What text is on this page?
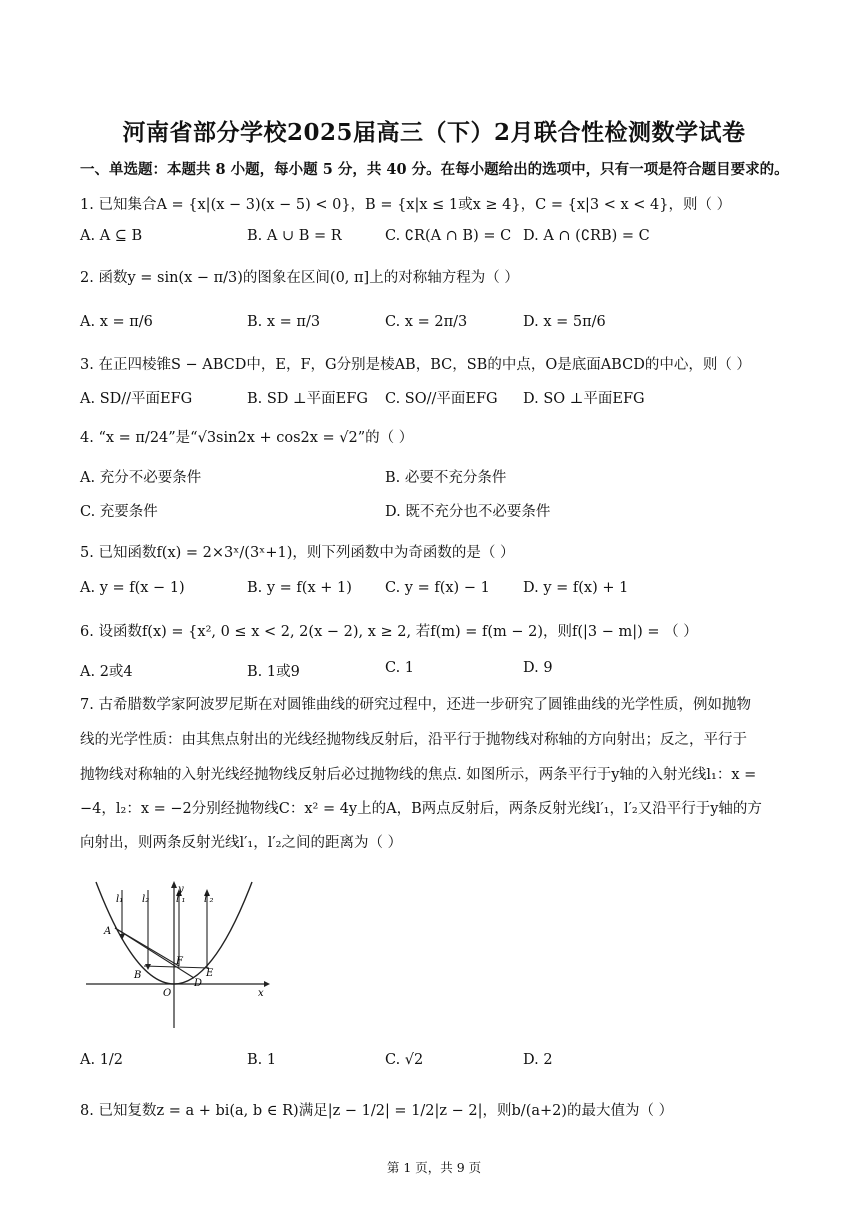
河南省部分学校2025届高三（下）2月联合性检测数学试卷
一、单选题：本题共 8 小题，每小题 5 分，共 40 分。在每小题给出的选项中，只有一项是符合题目要求的。
1. 已知集合A = {x|(x − 3)(x − 5) < 0}，B = {x|x ≤ 1或x ≥ 4}，C = {x|3 < x < 4}，则（ ）
A. A ⊆ B	B. A ∪ B = R	C. ∁R(A ∩ B) = C D. A ∩ (∁RB) = C
2. 函数y = sin(x − π/3)的图象在区间(0, π]上的对称轴方程为（ ）
A. x = π/6	B. x = π/3	C. x = 2π/3	D. x = 5π/6
3. 在正四棱锥S − ABCD中，E，F，G分别是棱AB，BC，SB的中点，O是底面ABCD的中心，则（ ）
A. SD//平面EFG	B. SD ⊥平面EFG C. SO//平面EFG D. SO ⊥平面EFG
4. “x = π/24”是“√3sin2x + cos2x = √2”的（ ）
A. 充分不必要条件	B. 必要不充分条件
C. 充要条件	D. 既不充分也不必要条件
5. 已知函数f(x) = 2×3ˣ/(3ˣ+1)，则下列函数中为奇函数的是（ ）
A. y = f(x − 1)	B. y = f(x + 1) C. y = f(x) − 1 D. y = f(x) + 1
6. 设函数f(x) = {x², 0 ≤ x < 2, 2(x − 2), x ≥ 2, 若f(m) = f(m − 2)，则f(|3 − m|) = （ ）
A. 2或4	B. 1或9	C. 1	D. 9
7. 古希腊数学家阿波罗尼斯在对圆锥曲线的研究过程中，还进一步研究了圆锥曲线的光学性质，例如抛物
线的光学性质：由其焦点射出的光线经抛物线反射后，沿平行于抛物线对称轴的方向射出；反之，平行于
抛物线对称轴的入射光线经抛物线反射后必过抛物线的焦点. 如图所示，两条平行于y轴的入射光线l₁：x =
−4，l₂：x = −2分别经抛物线C：x² = 4y上的A，B两点反射后，两条反射光线l′₁，l′₂又沿平行于y轴的方
向射出，则两条反射光线l′₁，l′₂之间的距离为（ ）
l₁ l₂	l′₁ l′₂
y
x
O
A
B
F
E
D
A. 1/2	B. 1	C. √2	D. 2
8. 已知复数z = a + bi(a, b ∈ R)满足|z − 1/2| = 1/2|z − 2|，则b/(a+2)的最大值为（ ）
第 1 页，共 9 页
